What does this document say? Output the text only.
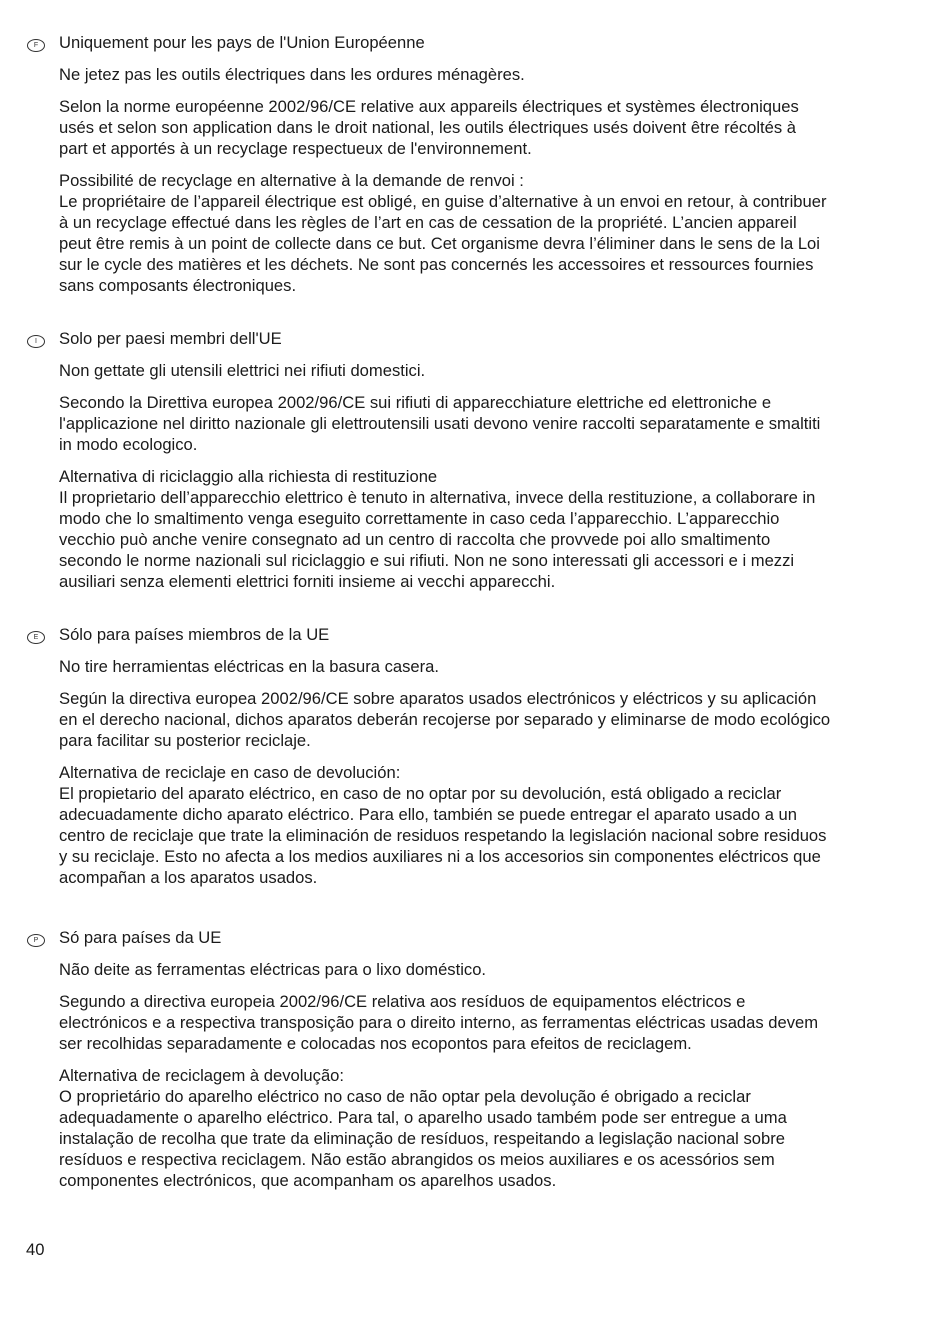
F	Uniquement pour les pays de l'Union Européenne
Ne jetez pas les outils électriques dans les ordures ménagères.
Selon la norme européenne 2002/96/CE relative aux appareils électriques et systèmes électroniques
usés et selon son application dans le droit national, les outils électriques usés doivent être récoltés à
part et apportés à un recyclage respectueux de l'environnement.
Possibilité de recyclage en alternative à la demande de renvoi :
Le propriétaire de l’appareil électrique est obligé, en guise d’alternative à un envoi en retour, à contribuer
à un recyclage effectué dans les règles de l’art en cas de cessation de la propriété. L’ancien appareil
peut être remis à un point de collecte dans ce but. Cet organisme devra l’éliminer dans le sens de la Loi
sur le cycle des matières et les déchets. Ne sont pas concernés les accessoires et ressources fournies
sans composants électroniques.
I	Solo per paesi membri dell'UE
Non gettate gli utensili elettrici nei rifiuti domestici.
Secondo la Direttiva europea 2002/96/CE sui rifiuti di apparecchiature elettriche ed elettroniche e
l'applicazione nel diritto nazionale gli elettroutensili usati devono venire raccolti separatamente e smaltiti
in modo ecologico.
Alternativa di riciclaggio alla richiesta di restituzione
Il proprietario dell’apparecchio elettrico è tenuto in alternativa, invece della restituzione, a collaborare in
modo che lo smaltimento venga eseguito correttamente in caso ceda l’apparecchio. L’apparecchio
vecchio può anche venire consegnato ad un centro di raccolta che provvede poi allo smaltimento
secondo le norme nazionali sul riciclaggio e sui rifiuti. Non ne sono interessati gli accessori e i mezzi
ausiliari senza elementi elettrici forniti insieme ai vecchi apparecchi.
E	Sólo para países miembros de la UE
No tire herramientas eléctricas en la basura casera.
Según la directiva europea 2002/96/CE sobre aparatos usados electrónicos y eléctricos y su aplicación
en el derecho nacional, dichos aparatos deberán recojerse por separado y eliminarse de modo ecológico
para facilitar su posterior reciclaje.
Alternativa de reciclaje en caso de devolución:
El propietario del aparato eléctrico, en caso de no optar por su devolución, está obligado a reciclar
adecuadamente dicho aparato eléctrico. Para ello, también se puede entregar el aparato usado a un
centro de reciclaje que trate la eliminación de residuos respetando la legislación nacional sobre residuos
y su reciclaje. Esto no afecta a los medios auxiliares ni a los accesorios sin componentes eléctricos que
acompañan a los aparatos usados.
P	Só para países da UE
Não deite as ferramentas eléctricas para o lixo doméstico.
Segundo a directiva europeia 2002/96/CE relativa aos resíduos de equipamentos eléctricos e
electrónicos e a respectiva transposição para o direito interno, as ferramentas eléctricas usadas devem
ser recolhidas separadamente e colocadas nos ecopontos para efeitos de reciclagem.
Alternativa de reciclagem à devolução:
O proprietário do aparelho eléctrico no caso de não optar pela devolução é obrigado a reciclar
adequadamente o aparelho eléctrico. Para tal, o aparelho usado também pode ser entregue a uma
instalação de recolha que trate da eliminação de resíduos, respeitando a legislação nacional sobre
resíduos e respectiva reciclagem. Não estão abrangidos os meios auxiliares e os acessórios sem
componentes electrónicos, que acompanham os aparelhos usados.
40
